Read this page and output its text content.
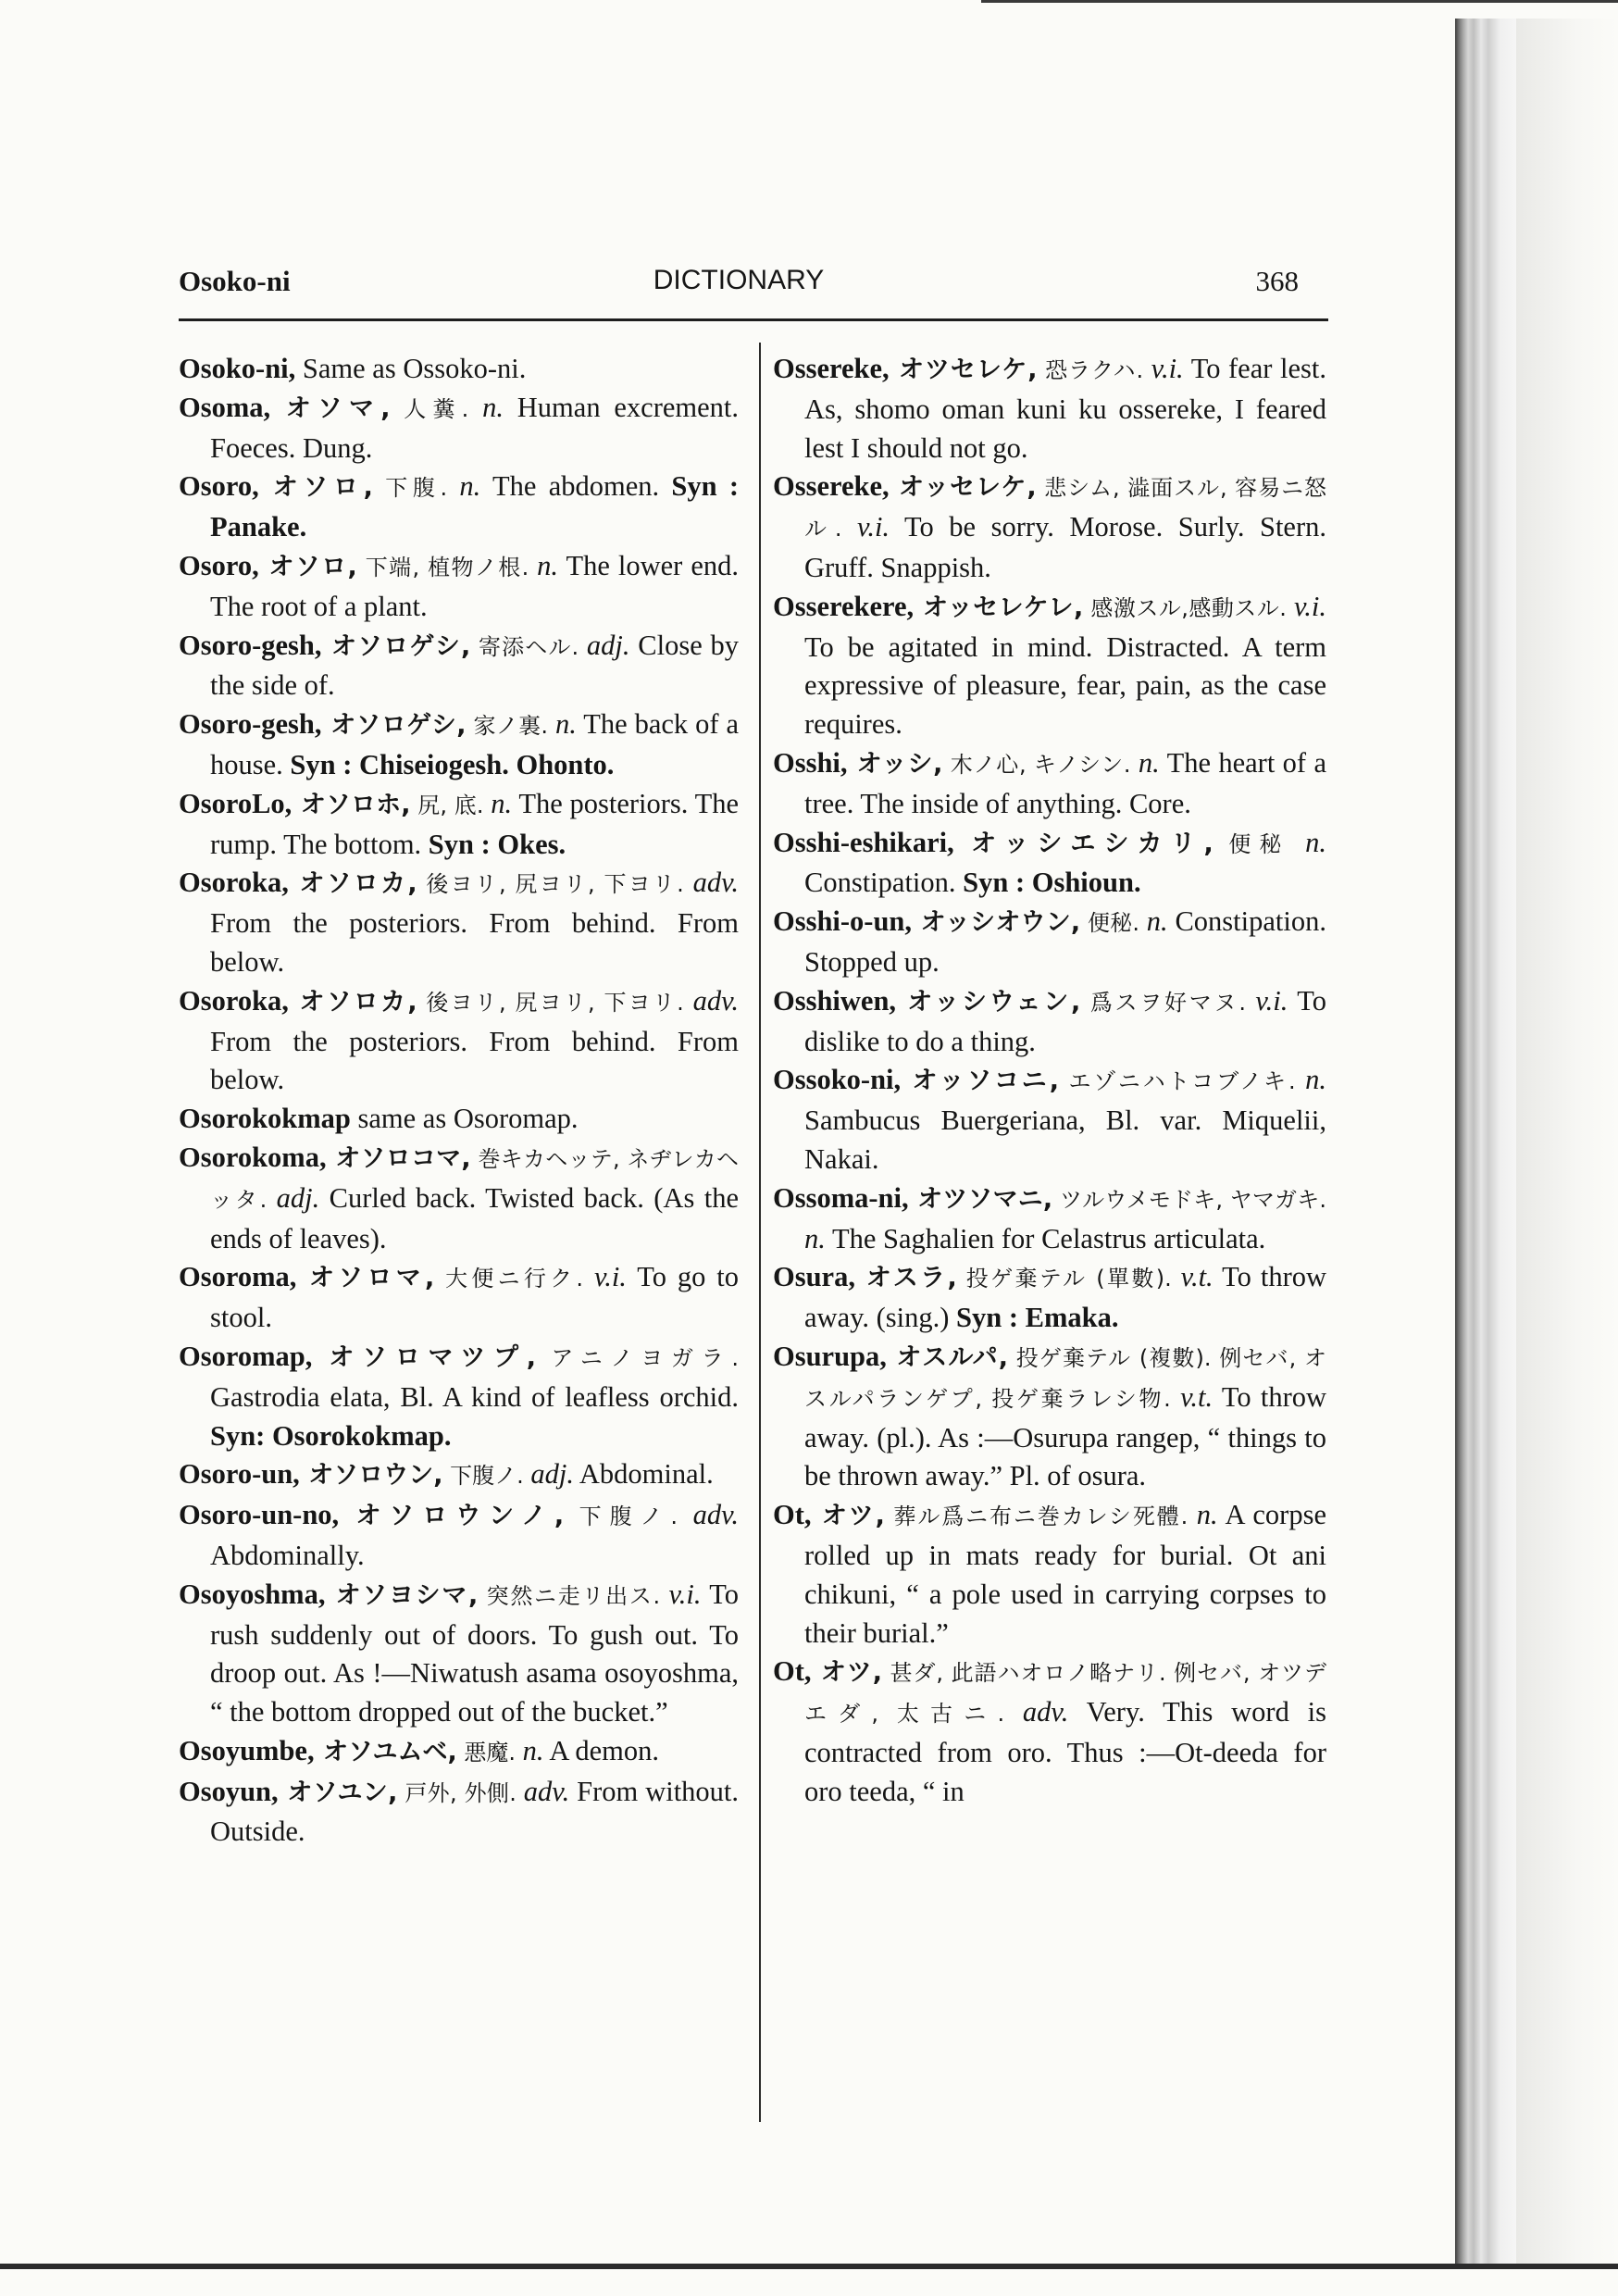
DICTIONARY
Osoko-ni	368

Osoko-ni, Same as Ossoko-ni.

Osoma, オソマ, 人糞. n. Human excrement. Foeces. Dung.

Osoro, オソロ, 下腹. n. The abdomen. Syn : Panake.

Osoro, オソロ, 下端, 植物ノ根. n. The lower end. The root of a plant.

Osoro-gesh, オソロゲシ, 寄添ヘル. adj. Close by the side of.

Osoro-gesh, オソロゲシ, 家ノ裏. n. The back of a house. Syn : Chiseiogesh. Ohonto.

OsoroLo, オソロホ, 尻, 底. n. The posteriors. The rump. The bottom. Syn : Okes.

Osoroka, オソロカ, 後ヨリ, 尻ヨリ, 下ヨリ. adv. From the posteriors. From behind. From below.

Osoroka, オソロカ, 後ヨリ, 尻ヨリ, 下ヨリ. adv. From the posteriors. From behind. From below.

Osorokokmap same as Osoromap.

Osorokoma, オソロコマ, 巻キカヘッテ, ネヂレカヘッタ. adj. Curled back. Twisted back. (As the ends of leaves).

Osoroma, オソロマ, 大便ニ行ク. v.i. To go to stool.

Osoromap, オソロマツプ, アニノヨガラ. Gastrodia elata, Bl. A kind of leafless orchid. Syn: Osorokokmap.

Osoro-un, オソロウン, 下腹ノ. adj. Abdominal.

Osoro-un-no, オソロウンノ, 下腹ノ. adv. Abdominally.

Osoyoshma, オソヨシマ, 突然ニ走リ出ス. v.i. To rush suddenly out of doors. To gush out. To droop out. As !—Niwatush asama osoyoshma, “ the bottom dropped out of the bucket.”

Osoyumbe, オソユムベ, 悪魔. n. A demon.

Osoyun, オソユン, 戸外, 外側. adv. From without. Outside.

Ossereke, オツセレケ, 恐ラクハ. v.i. To fear lest. As, shomo oman kuni ku ossereke, I feared lest I should not go.

Ossereke, オッセレケ, 悲シム, 澁面スル, 容易ニ怒ル. v.i. To be sorry. Morose. Surly. Stern. Gruff. Snappish.

Osserekere, オッセレケレ, 感激スル,感動スル. v.i. To be agitated in mind. Distracted. A term expressive of pleasure, fear, pain, as the case requires.

Osshi, オッシ, 木ノ心, キノシン. n. The heart of a tree. The inside of anything. Core.

Osshi-eshikari, オッシエシカリ, 便秘 n. Constipation. Syn : Oshioun.

Osshi-o-un, オッシオウン, 便秘. n. Constipation. Stopped up.

Osshiwen, オッシウェン, 爲スヲ好マヌ. v.i. To dislike to do a thing.

Ossoko-ni, オッソコニ, エゾニハトコブノキ. n. Sambucus Buergeriana, Bl. var. Miquelii, Nakai.

Ossoma-ni, オツソマニ, ツルウメモドキ, ヤマガキ. n. The Saghalien for Celastrus articulata.

Osura, オスラ, 投ゲ棄テル (單數). v.t. To throw away. (sing.) Syn : Emaka.

Osurupa, オスルパ, 投ゲ棄テル (複數). 例セバ, オスルパランゲプ, 投ゲ棄ラレシ物. v.t. To throw away. (pl.). As :—Osurupa rangep, “ things to be thrown away.” Pl. of osura.

Ot, オツ, 葬ル爲ニ布ニ巻カレシ死體. n. A corpse rolled up in mats ready for burial. Ot ani chikuni, “ a pole used in carrying corpses to their burial.”

Ot, オツ, 甚ダ, 此語ハオロノ略ナリ. 例セバ, オツデエダ, 太古ニ. adv. Very. This word is contracted from oro. Thus :—Ot-deeda for oro teeda, “ in
